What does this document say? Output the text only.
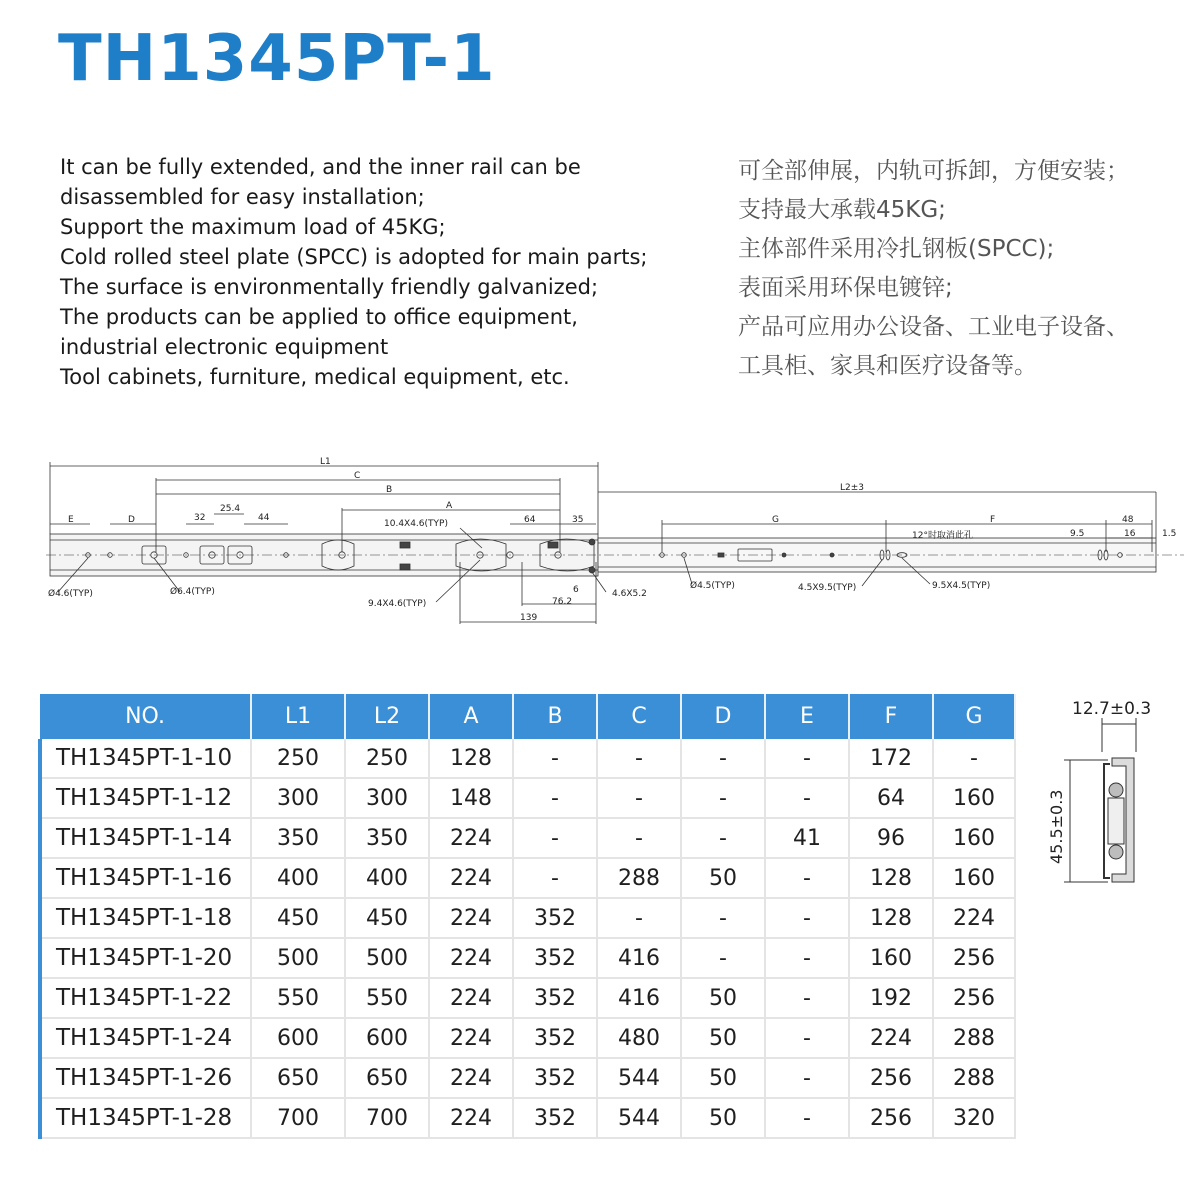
TH1345PT-1
It can be fully extended, and the inner rail can be
disassembled for easy installation;
Support the maximum load of 45KG;
Cold rolled steel plate (SPCC) is adopted for main parts;
The surface is environmentally friendly galvanized;
The products can be applied to office equipment,
industrial electronic equipment
Tool cabinets, furniture, medical equipment, etc.
可全部伸展，内轨可拆卸，方便安装；
支持最大承载45KG;
主体部件采用冷扎钢板(SPCC);
表面采用环保电镀锌;
产品可应用办公设备、工业电子设备、
工具柜、家具和医疗设备等。
L1
C
B
A
L2±3
G	F
E	D	32
25.4
44	64	35	48
9.5	16	1.5
6
76.2
139
10.4X4.6(TYP)
12°时取消此孔
Ø4.6(TYP)	Ø6.4(TYP)
9.4X4.6(TYP)
4.6X5.2
Ø4.5(TYP)	4.5X9.5(TYP)	9.5X4.5(TYP)
NO.	L1	L2	A	B	C	D	E	F	G
TH1345PT-1-10	250	250	128	-	-	-	-	172	-
TH1345PT-1-12	300	300	148	-	-	-	-	64	160
TH1345PT-1-14	350	350	224	-	-	-	41	96	160
TH1345PT-1-16	400	400	224	-	288	50	-	128	160
TH1345PT-1-18	450	450	224	352	-	-	-	128	224
TH1345PT-1-20	500	500	224	352	416	-	-	160	256
TH1345PT-1-22	550	550	224	352	416	50	-	192	256
TH1345PT-1-24	600	600	224	352	480	50	-	224	288
TH1345PT-1-26	650	650	224	352	544	50	-	256	288
TH1345PT-1-28	700	700	224	352	544	50	-	256	320
12.7±0.3
45.5±0.3
